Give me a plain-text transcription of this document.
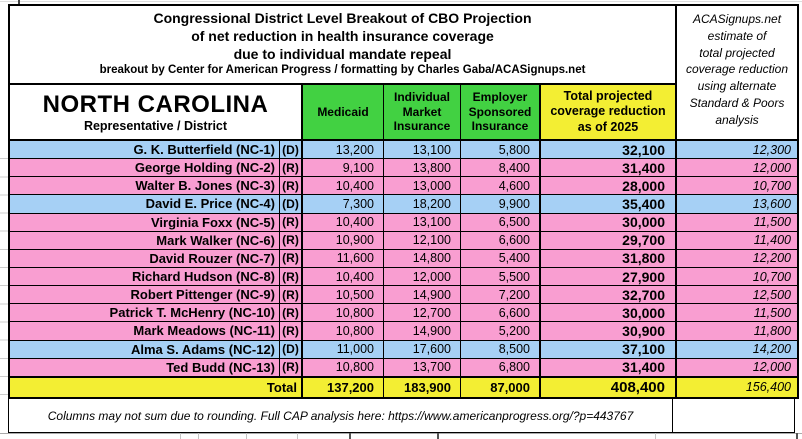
Congressional District Level Breakout of CBO Projection
of net reduction in health insurance coverage
due to individual mandate repeal
breakout by Center for American Progress / formatting by Charles Gaba/ACASignups.net
ACASignups.net
estimate of
total projected
coverage reduction
using alternate
Standard & Poors
analysis
NORTH CAROLINA
Representative / District
Medicaid
Individual Market Insurance
Employer Sponsored Insurance
Total projected coverage reduction as of 2025
G. K. Butterfield (NC-1) (D)	13,200	13,100	5,800	32,100	12,300
George Holding (NC-2) (R)	9,100	13,800	8,400	31,400	12,000
Walter B. Jones (NC-3) (R)	10,400	13,000	4,600	28,000	10,700
David E. Price (NC-4) (D)	7,300	18,200	9,900	35,400	13,600
Virginia Foxx (NC-5) (R)	10,400	13,100	6,500	30,000	11,500
Mark Walker (NC-6) (R)	10,900	12,100	6,600	29,700	11,400
David Rouzer (NC-7) (R)	11,600	14,800	5,400	31,800	12,200
Richard Hudson (NC-8) (R)	10,400	12,000	5,500	27,900	10,700
Robert Pittenger (NC-9) (R)	10,500	14,900	7,200	32,700	12,500
Patrick T. McHenry (NC-10) (R)	10,800	12,700	6,600	30,000	11,500
Mark Meadows (NC-11) (R)	10,800	14,900	5,200	30,900	11,800
Alma S. Adams (NC-12) (D)	11,000	17,600	8,500	37,100	14,200
Ted Budd (NC-13) (R)	10,800	13,700	6,800	31,400	12,000
Total	137,200	183,900	87,000	408,400	156,400
Columns may not sum due to rounding. Full CAP analysis here: https://www.americanprogress.org/?p=443767
